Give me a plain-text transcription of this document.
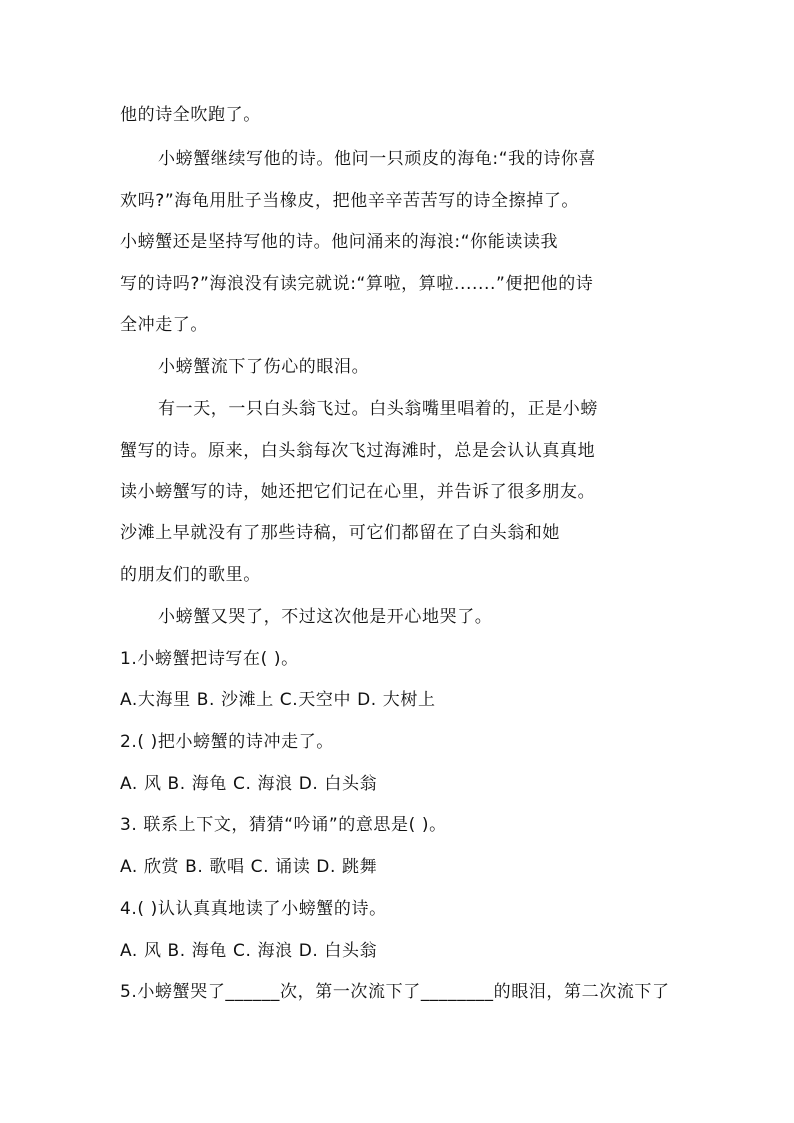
他的诗全吹跑了。
小螃蟹继续写他的诗。他问一只顽皮的海龟:“我的诗你喜
欢吗?”海龟用肚子当橡皮，把他辛辛苦苦写的诗全擦掉了。
小螃蟹还是坚持写他的诗。他问涌来的海浪:“你能读读我
写的诗吗?”海浪没有读完就说:“算啦，算啦.......”便把他的诗
全冲走了。
小螃蟹流下了伤心的眼泪。
有一天，一只白头翁飞过。白头翁嘴里唱着的，正是小螃
蟹写的诗。原来，白头翁每次飞过海滩时，总是会认认真真地
读小螃蟹写的诗，她还把它们记在心里，并告诉了很多朋友。
沙滩上早就没有了那些诗稿，可它们都留在了白头翁和她
的朋友们的歌里。
小螃蟹又哭了，不过这次他是开心地哭了。
1.小螃蟹把诗写在( )。
A.大海里 B. 沙滩上 C.天空中 D. 大树上
2.( )把小螃蟹的诗冲走了。
A. 风 B. 海龟 C. 海浪 D. 白头翁
3. 联系上下文，猜猜“吟诵”的意思是( )。
A. 欣赏 B. 歌唱 C. 诵读 D. 跳舞
4.( )认认真真地读了小螃蟹的诗。
A. 风 B. 海龟 C. 海浪 D. 白头翁
5.小螃蟹哭了______次，第一次流下了________的眼泪，第二次流下了
